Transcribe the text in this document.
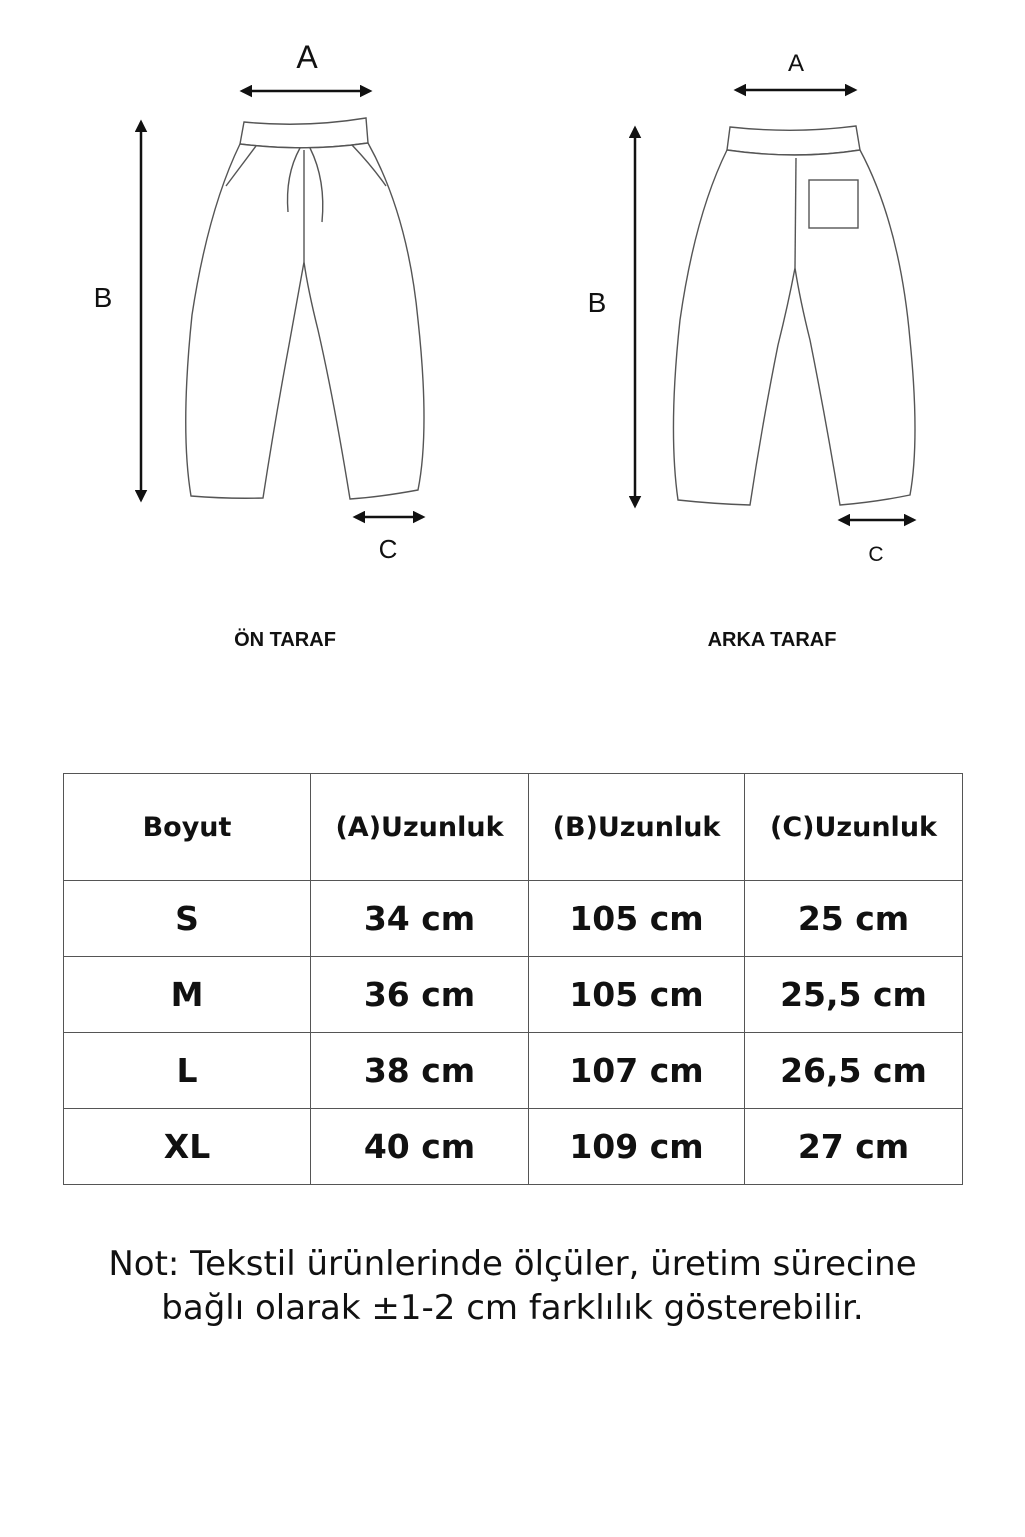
A
B
C
ÖN TARAF
A
B
C
ARKA TARAF
Boyut	(A)Uzunluk	(B)Uzunluk	(C)Uzunluk
S	34 cm	105 cm	25 cm
M	36 cm	105 cm	25,5 cm
L	38 cm	107 cm	26,5 cm
XL	40 cm	109 cm	27 cm
Not: Tekstil ürünlerinde ölçüler, üretim sürecine
bağlı olarak ±1-2 cm farklılık gösterebilir.
